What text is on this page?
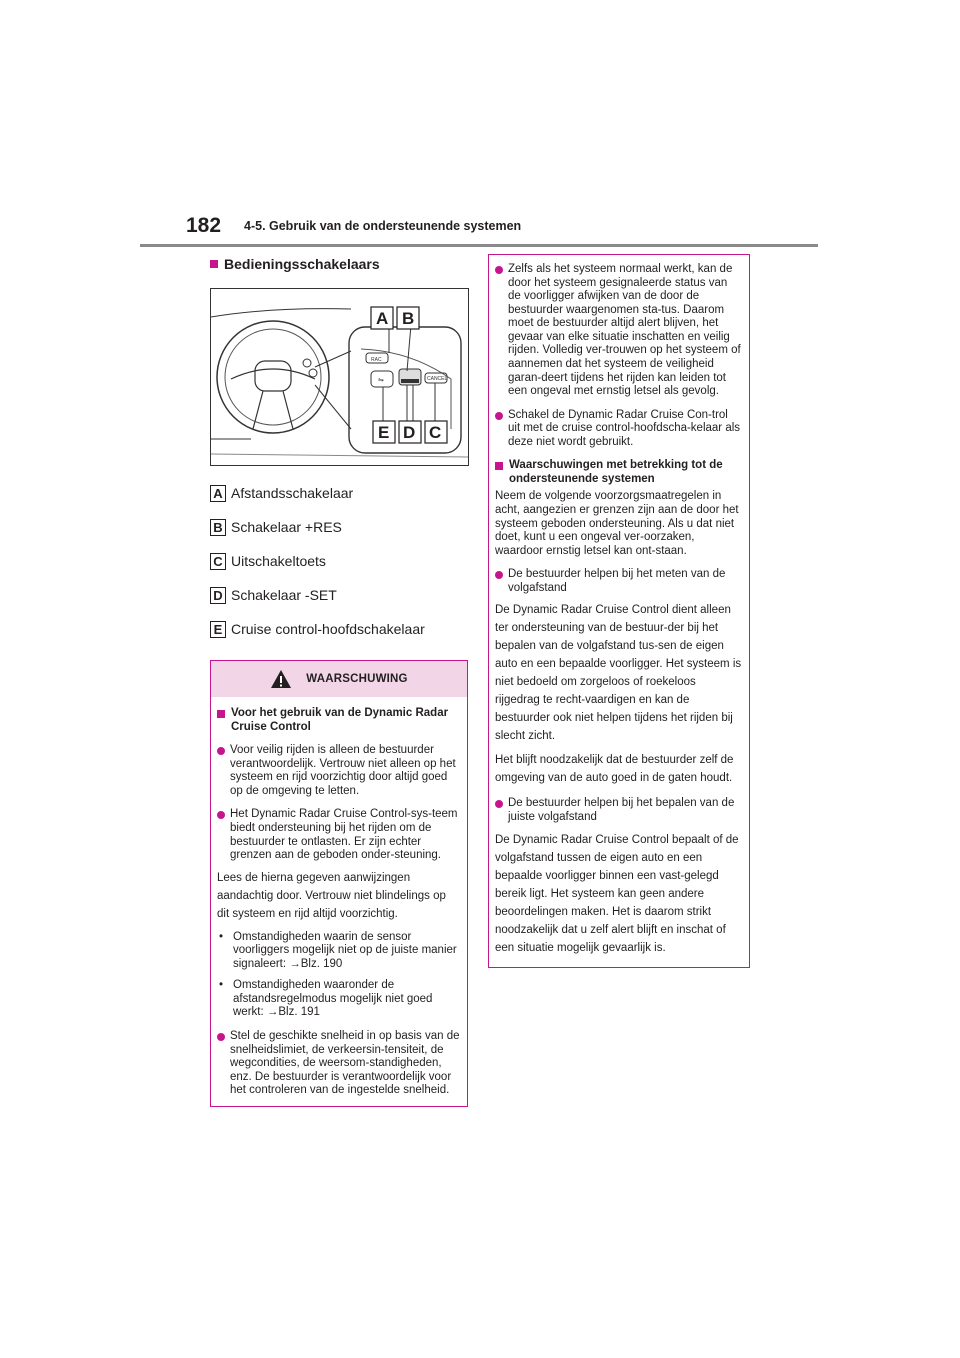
182 4-5. Gebruik van de ondersteunende systemen
Bedieningsschakelaars
RAC
⇋	CANCEL
A B
E D C
A Afstandsschakelaar
B Schakelaar +RES
C Uitschakeltoets
D Schakelaar -SET
E Cruise control-hoofdschakelaar
WAARSCHUWING
Voor het gebruik van de Dynamic Radar Cruise Control
Voor veilig rijden is alleen de bestuurder verantwoordelijk. Vertrouw niet alleen op het systeem en rijd voorzichtig door altijd goed op de omgeving te letten.
Het Dynamic Radar Cruise Control-sys-teem biedt ondersteuning bij het rijden om de bestuurder te ontlasten. Er zijn echter grenzen aan de geboden onder-steuning.
Lees de hierna gegeven aanwijzingen aandachtig door. Vertrouw niet blindelings op dit systeem en rijd altijd voorzichtig.
• Omstandigheden waarin de sensor voorliggers mogelijk niet op de juiste manier signaleert: →Blz. 190
• Omstandigheden waaronder de afstandsregelmodus mogelijk niet goed werkt: →Blz. 191
Stel de geschikte snelheid in op basis van de snelheidslimiet, de verkeersin-tensiteit, de wegcondities, de weersom-standigheden, enz. De bestuurder is verantwoordelijk voor het controleren van de ingestelde snelheid.
Zelfs als het systeem normaal werkt, kan de door het systeem gesignaleerde status van de voorligger afwijken van de door de bestuurder waargenomen sta-tus. Daarom moet de bestuurder altijd alert blijven, het gevaar van elke situatie inschatten en veilig rijden. Volledig ver-trouwen op het systeem of aannemen dat het systeem de veiligheid garan-deert tijdens het rijden kan leiden tot een ongeval met ernstig letsel als gevolg.
Schakel de Dynamic Radar Cruise Con-trol uit met de cruise control-hoofdscha-kelaar als deze niet wordt gebruikt.
Waarschuwingen met betrekking tot de ondersteunende systemen
Neem de volgende voorzorgsmaatregelen in acht, aangezien er grenzen zijn aan de door het systeem geboden ondersteuning. Als u dat niet doet, kunt u een ongeval ver-oorzaken, waardoor ernstig letsel kan ont-staan.
De bestuurder helpen bij het meten van de volgafstand
De Dynamic Radar Cruise Control dient alleen ter ondersteuning van de bestuur-der bij het bepalen van de volgafstand tus-sen de eigen auto en een bepaalde voorligger. Het systeem is niet bedoeld om zorgeloos of roekeloos rijgedrag te recht-vaardigen en kan de bestuurder ook niet helpen tijdens het rijden bij slecht zicht.
Het blijft noodzakelijk dat de bestuurder zelf de omgeving van de auto goed in de gaten houdt.
De bestuurder helpen bij het bepalen van de juiste volgafstand
De Dynamic Radar Cruise Control bepaalt of de volgafstand tussen de eigen auto en een bepaalde voorligger binnen een vast-gelegd bereik ligt. Het systeem kan geen andere beoordelingen maken. Het is daarom strikt noodzakelijk dat u zelf alert blijft en inschat of een situatie mogelijk gevaarlijk is.
